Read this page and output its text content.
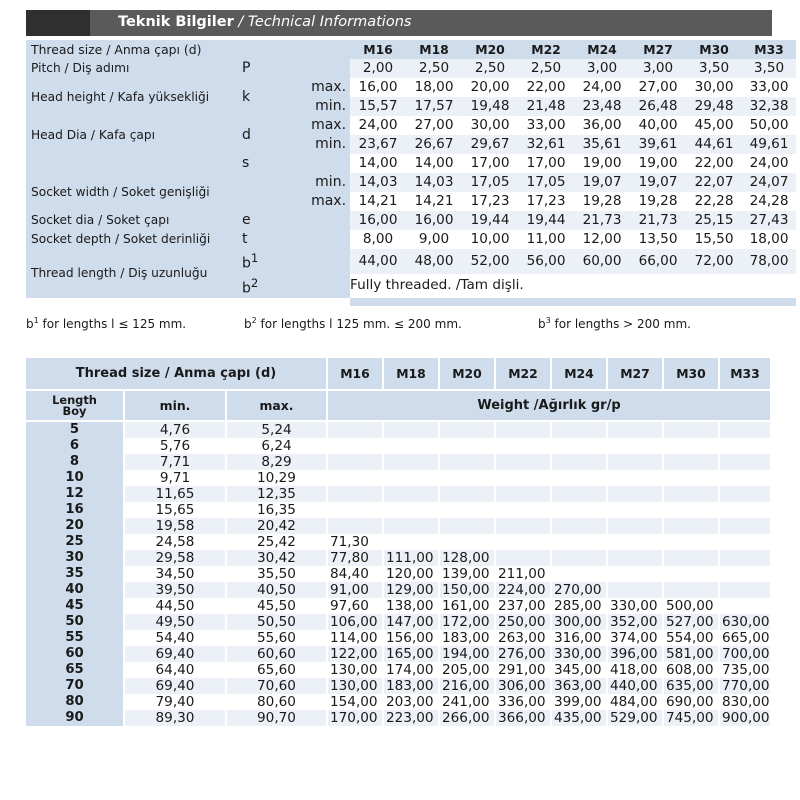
Teknik Bilgiler / Technical Informations
Thread size / Anma çapı (d)			M16	M18	M20	M22	M24	M27	M30	M33
Pitch / Diş adımı	P		2,00	2,50	2,50	2,50	3,00	3,00	3,50	3,50
Head height / Kafa yüksekliği	k	max.	16,00	18,00	20,00	22,00	24,00	27,00	30,00	33,00
		min.	15,57	17,57	19,48	21,48	23,48	26,48	29,48	32,38
Head Dia / Kafa çapı	d	max.	24,00	27,00	30,00	33,00	36,00	40,00	45,00	50,00
		min.	23,67	26,67	29,67	32,61	35,61	39,61	44,61	49,61
	s		14,00	14,00	17,00	17,00	19,00	19,00	22,00	24,00
Socket width / Soket genişliği		min.	14,03	14,03	17,05	17,05	19,07	19,07	22,07	24,07
		max.	14,21	14,21	17,23	17,23	19,28	19,28	22,28	24,28
Socket dia / Soket çapı	e		16,00	16,00	19,44	19,44	21,73	21,73	25,15	27,43
Socket depth / Soket derinliği	t		8,00	9,00	10,00	11,00	12,00	13,50	15,50	18,00
Thread length / Diş uzunluğu	$b^1$		44,00	48,00	52,00	56,00	60,00	66,00	72,00	78,00
	$b^2$		Fully threaded. /Tam dişli.							

$b^1$ for lengths l ≤ 125 mm.	$b^2$ for lengths l 125 mm. ≤ 200 mm.	$b^3$ for lengths > 200 mm.
Thread size / Anma çapı (d)			M16	M18	M20	M22	M24	M27	M30	M33

Length
Boy	min.	max.	Weight /Ağırlık gr/p							
5	4,76	5,24								
6	5,76	6,24								
8	7,71	8,29								
10	9,71	10,29								
12	11,65	12,35								
16	15,65	16,35								
20	19,58	20,42								
25	24,58	25,42	71,30							
30	29,58	30,42	77,80	111,00	128,00					
35	34,50	35,50	84,40	120,00	139,00	211,00				
40	39,50	40,50	91,00	129,00	150,00	224,00	270,00			
45	44,50	45,50	97,60	138,00	161,00	237,00	285,00	330,00	500,00	
50	49,50	50,50	106,00	147,00	172,00	250,00	300,00	352,00	527,00	630,00
55	54,40	55,60	114,00	156,00	183,00	263,00	316,00	374,00	554,00	665,00
60	69,40	60,60	122,00	165,00	194,00	276,00	330,00	396,00	581,00	700,00
65	64,40	65,60	130,00	174,00	205,00	291,00	345,00	418,00	608,00	735,00
70	69,40	70,60	130,00	183,00	216,00	306,00	363,00	440,00	635,00	770,00
80	79,40	80,60	154,00	203,00	241,00	336,00	399,00	484,00	690,00	830,00
90	89,30	90,70	170,00	223,00	266,00	366,00	435,00	529,00	745,00	900,00
